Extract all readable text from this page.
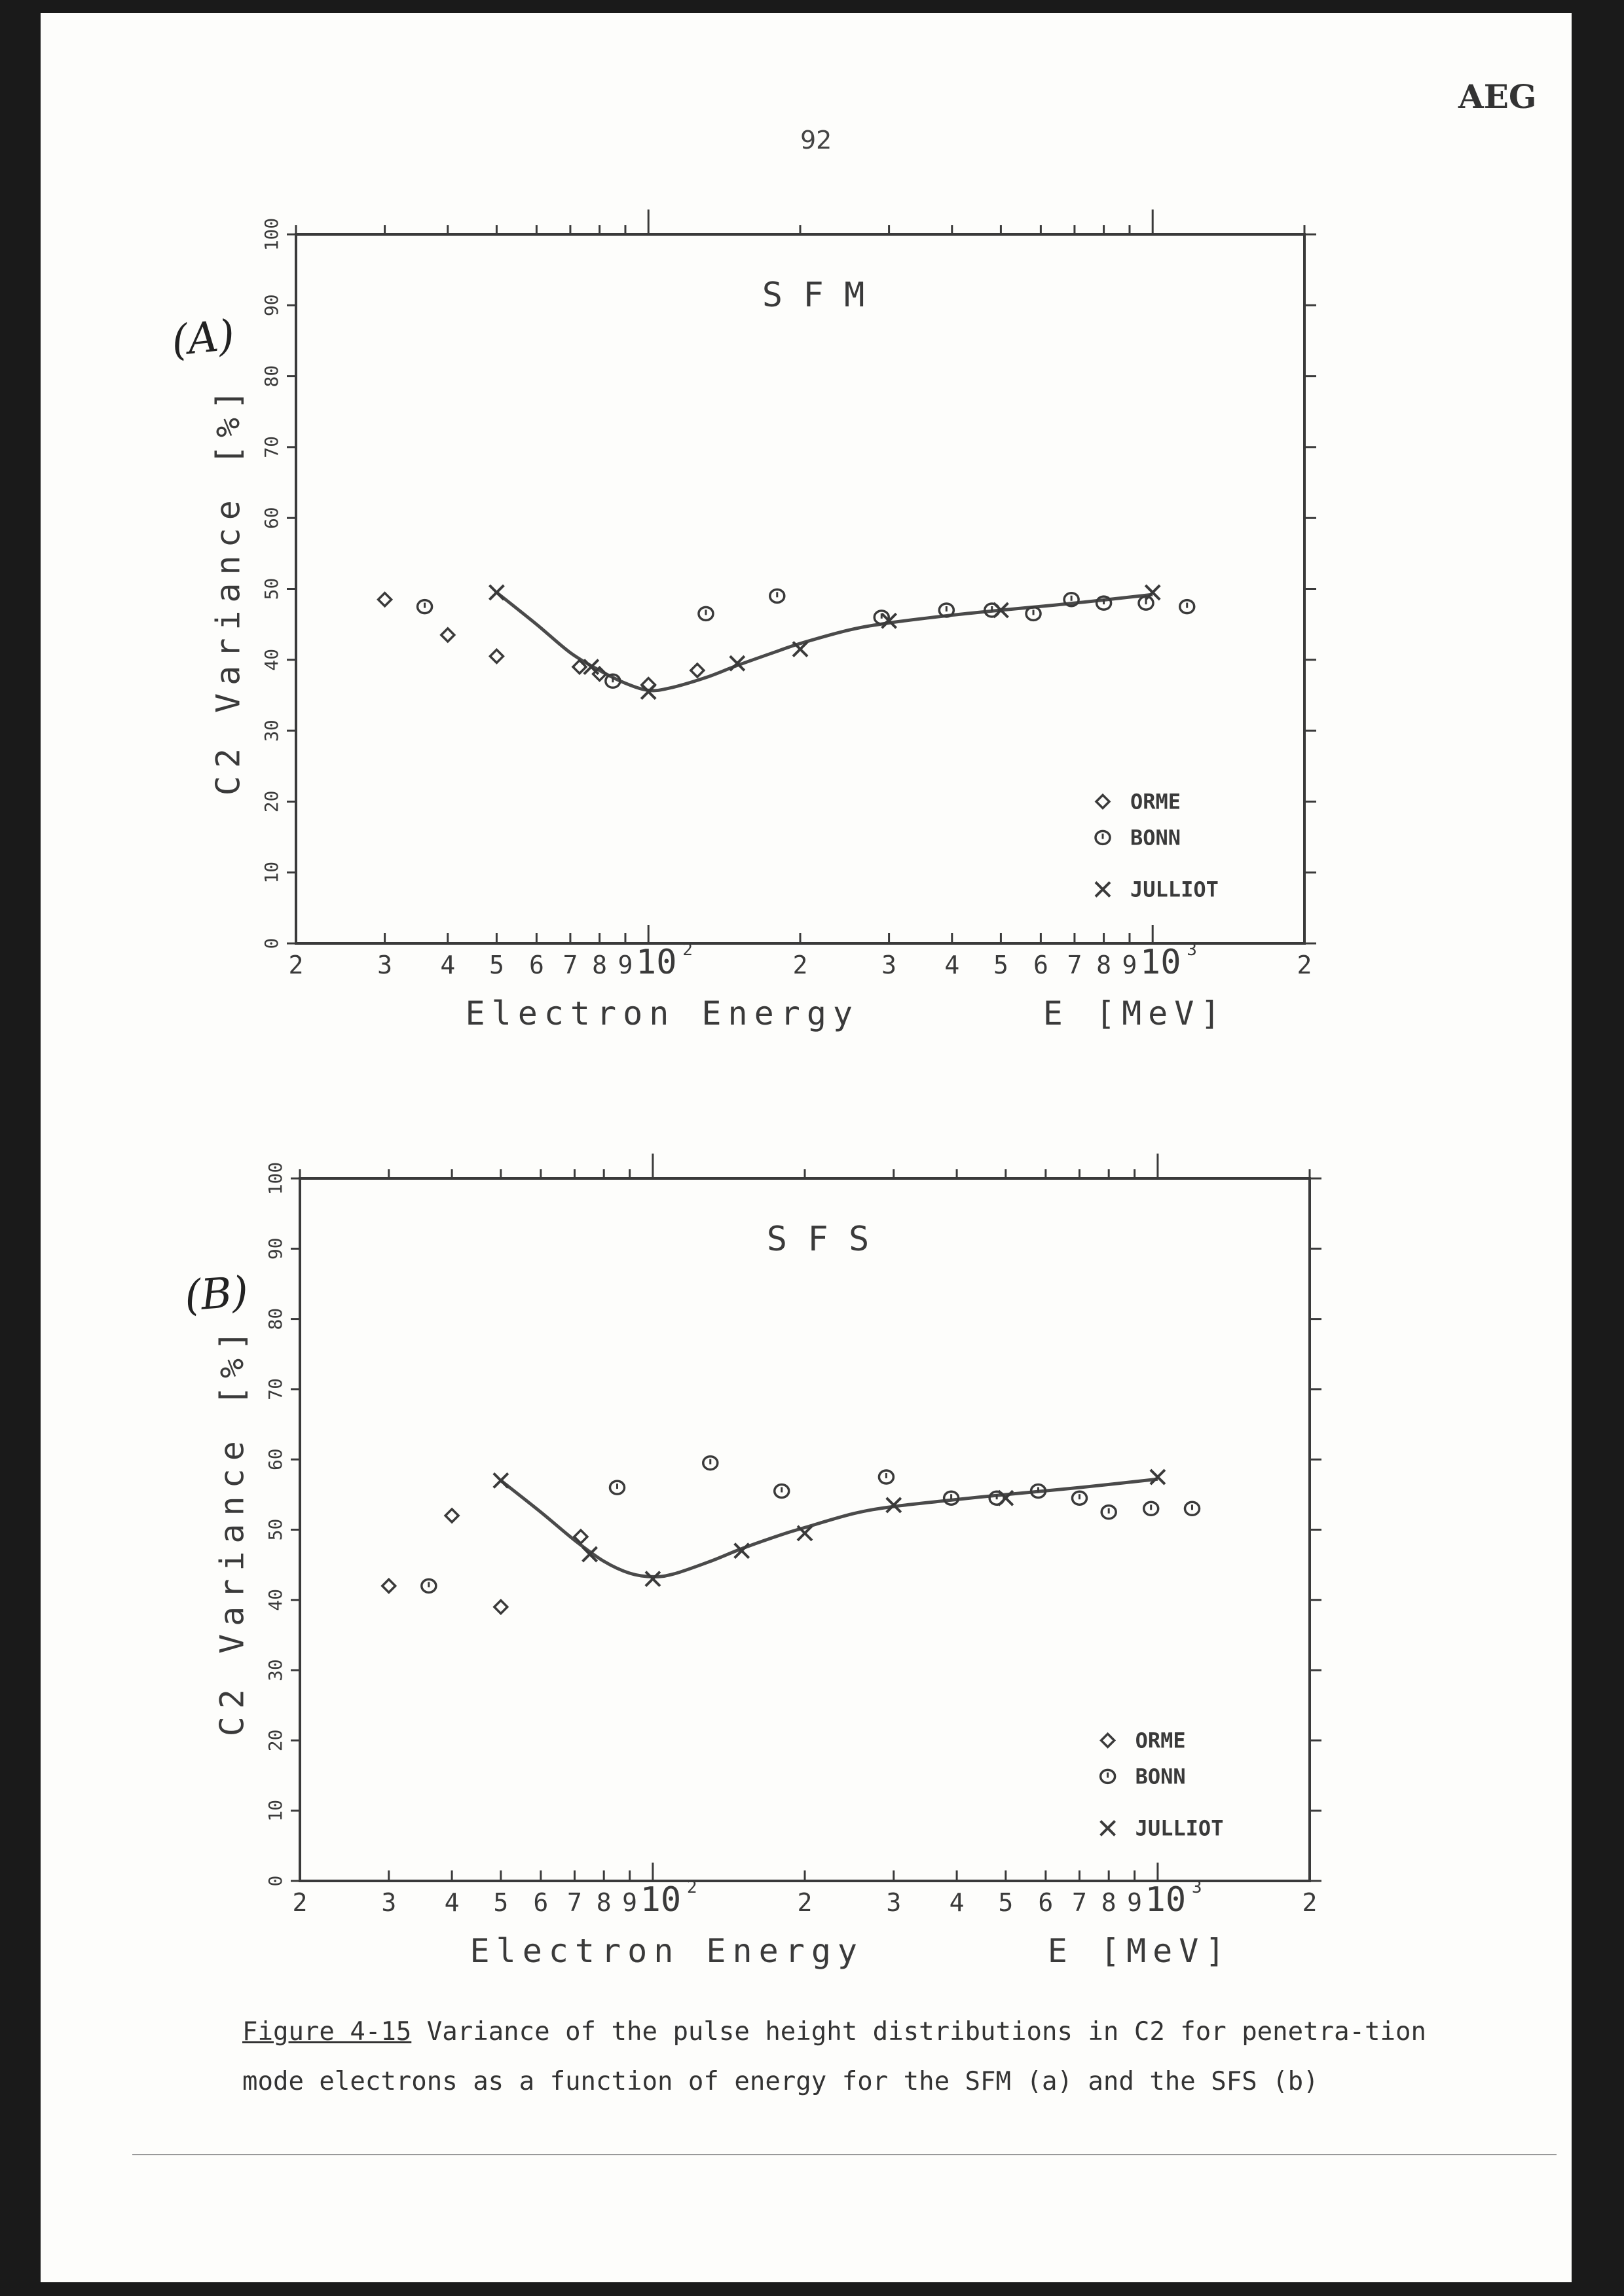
AEG
92
(A)
(B)
Figure 4-15 Variance of the pulse height distributions in C2 for penetra-tion mode electrons as a function of energy for the SFM (a) and the SFS (b)
2	3 4 5 6 7 8 9 10 2
2	3 4 5 6 7 8 9 10 3
2
0
10
20
30
40
50
60
70
80
90
100
C2 Variance [%]
Electron Energy       E [MeV]
S F M
ORME
BONN
JULLIOT
2	3 4 5 6 7 8 9 10 2
2	3 4 5 6 7 8 9 10 3
2
0
10
20
30
40
50
60
70
80
90
100
C2 Variance [%]
Electron Energy       E [MeV]
S F S
ORME
BONN
JULLIOT
